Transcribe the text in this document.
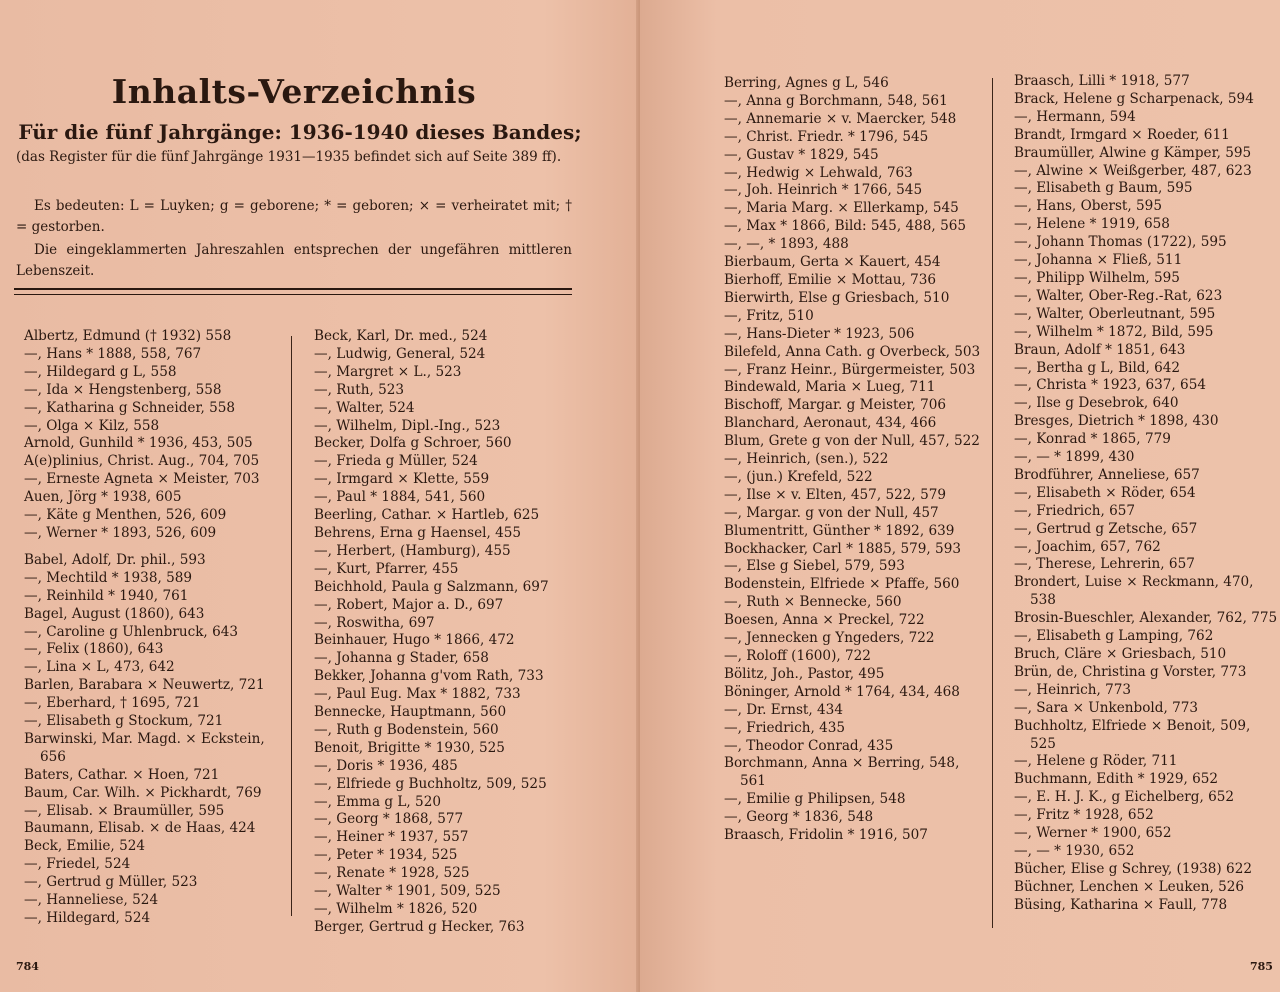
Inhalts-Verzeichnis
Für die fünf Jahrgänge: 1936-1940 dieses Bandes;

(das Register für die fünf Jahrgänge 1931—1935 befindet sich auf Seite 389 ff).

Es bedeuten: L = Luyken; g = geborene; * = geboren; × = verheiratet mit; † = gestorben.

Die eingeklammerten Jahreszahlen entsprechen der ungefähren mittleren Lebenszeit.

Albertz, Edmund († 1932) 558
—, Hans * 1888, 558, 767
—, Hildegard g L, 558
—, Ida × Hengstenberg, 558
—, Katharina g Schneider, 558
—, Olga × Kilz, 558
Arnold, Gunhild * 1936, 453, 505
A(e)plinius, Christ. Aug., 704, 705
—, Erneste Agneta × Meister, 703
Auen, Jörg * 1938, 605
—, Käte g Menthen, 526, 609
—, Werner * 1893, 526, 609
Babel, Adolf, Dr. phil., 593
—, Mechtild * 1938, 589
—, Reinhild * 1940, 761
Bagel, August (1860), 643
—, Caroline g Uhlenbruck, 643
—, Felix (1860), 643
—, Lina × L, 473, 642
Barlen, Barabara × Neuwertz, 721
—, Eberhard, † 1695, 721
—, Elisabeth g Stockum, 721
Barwinski, Mar. Magd. × Eckstein, 656
Baters, Cathar. × Hoen, 721
Baum, Car. Wilh. × Pickhardt, 769
—, Elisab. × Braumüller, 595
Baumann, Elisab. × de Haas, 424
Beck, Emilie, 524
—, Friedel, 524
—, Gertrud g Müller, 523
—, Hanneliese, 524
—, Hildegard, 524
Beck, Karl, Dr. med., 524
—, Ludwig, General, 524
—, Margret × L., 523
—, Ruth, 523
—, Walter, 524
—, Wilhelm, Dipl.-Ing., 523
Becker, Dolfa g Schroer, 560
—, Frieda g Müller, 524
—, Irmgard × Klette, 559
—, Paul * 1884, 541, 560
Beerling, Cathar. × Hartleb, 625
Behrens, Erna g Haensel, 455
—, Herbert, (Hamburg), 455
—, Kurt, Pfarrer, 455
Beichhold, Paula g Salzmann, 697
—, Robert, Major a. D., 697
—, Roswitha, 697
Beinhauer, Hugo * 1866, 472
—, Johanna g Stader, 658
Bekker, Johanna g'vom Rath, 733
—, Paul Eug. Max * 1882, 733
Bennecke, Hauptmann, 560
—, Ruth g Bodenstein, 560
Benoit, Brigitte * 1930, 525
—, Doris * 1936, 485
—, Elfriede g Buchholtz, 509, 525
—, Emma g L, 520
—, Georg * 1868, 577
—, Heiner * 1937, 557
—, Peter * 1934, 525
—, Renate * 1928, 525
—, Walter * 1901, 509, 525
—, Wilhelm * 1826, 520
Berger, Gertrud g Hecker, 763
784
Berring, Agnes g L, 546
—, Anna g Borchmann, 548, 561
—, Annemarie × v. Maercker, 548
—, Christ. Friedr. * 1796, 545
—, Gustav * 1829, 545
—, Hedwig × Lehwald, 763
—, Joh. Heinrich * 1766, 545
—, Maria Marg. × Ellerkamp, 545
—, Max * 1866, Bild: 545, 488, 565
—, —, * 1893, 488
Bierbaum, Gerta × Kauert, 454
Bierhoff, Emilie × Mottau, 736
Bierwirth, Else g Griesbach, 510
—, Fritz, 510
—, Hans-Dieter * 1923, 506
Bilefeld, Anna Cath. g Overbeck, 503
—, Franz Heinr., Bürgermeister, 503
Bindewald, Maria × Lueg, 711
Bischoff, Margar. g Meister, 706
Blanchard, Aeronaut, 434, 466
Blum, Grete g von der Null, 457, 522
—, Heinrich, (sen.), 522
—, (jun.) Krefeld, 522
—, Ilse × v. Elten, 457, 522, 579
—, Margar. g von der Null, 457
Blumentritt, Günther * 1892, 639
Bockhacker, Carl * 1885, 579, 593
—, Else g Siebel, 579, 593
Bodenstein, Elfriede × Pfaffe, 560
—, Ruth × Bennecke, 560
Boesen, Anna × Preckel, 722
—, Jennecken g Yngeders, 722
—, Roloff (1600), 722
Bölitz, Joh., Pastor, 495
Böninger, Arnold * 1764, 434, 468
—, Dr. Ernst, 434
—, Friedrich, 435
—, Theodor Conrad, 435
Borchmann, Anna × Berring, 548, 561
—, Emilie g Philipsen, 548
—, Georg * 1836, 548
Braasch, Fridolin * 1916, 507
Braasch, Lilli * 1918, 577
Brack, Helene g Scharpenack, 594
—, Hermann, 594
Brandt, Irmgard × Roeder, 611
Braumüller, Alwine g Kämper, 595
—, Alwine × Weißgerber, 487, 623
—, Elisabeth g Baum, 595
—, Hans, Oberst, 595
—, Helene * 1919, 658
—, Johann Thomas (1722), 595
—, Johanna × Fließ, 511
—, Philipp Wilhelm, 595
—, Walter, Ober-Reg.-Rat, 623
—, Walter, Oberleutnant, 595
—, Wilhelm * 1872, Bild, 595
Braun, Adolf * 1851, 643
—, Bertha g L, Bild, 642
—, Christa * 1923, 637, 654
—, Ilse g Desebrok, 640
Bresges, Dietrich * 1898, 430
—, Konrad * 1865, 779
—, — * 1899, 430
Brodführer, Anneliese, 657
—, Elisabeth × Röder, 654
—, Friedrich, 657
—, Gertrud g Zetsche, 657
—, Joachim, 657, 762
—, Therese, Lehrerin, 657
Brondert, Luise × Reckmann, 470, 538
Brosin-Bueschler, Alexander, 762, 775
—, Elisabeth g Lamping, 762
Bruch, Cläre × Griesbach, 510
Brün, de, Christina g Vorster, 773
—, Heinrich, 773
—, Sara × Unkenbold, 773
Buchholtz, Elfriede × Benoit, 509, 525
—, Helene g Röder, 711
Buchmann, Edith * 1929, 652
—, E. H. J. K., g Eichelberg, 652
—, Fritz * 1928, 652
—, Werner * 1900, 652
—, — * 1930, 652
Bücher, Elise g Schrey, (1938) 622
Büchner, Lenchen × Leuken, 526
Büsing, Katharina × Faull, 778
785
